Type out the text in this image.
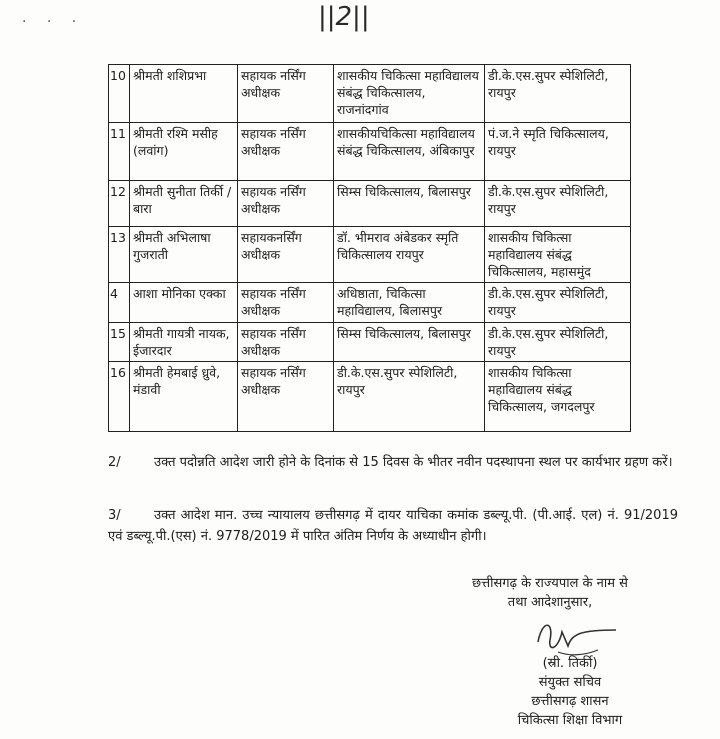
· · ·	||2||
10	श्रीमती शशिप्रभा	सहायक नर्सिंग अधीक्षक	शासकीय चिकित्सा महाविद्यालय संबंद्ध चिकित्सालय, राजनांदगांव	डी.के.एस.सुपर स्पेशिलिटी, रायपुर
11	श्रीमती रश्मि मसीह (लवांग)	सहायक नर्सिंग अधीक्षक	शासकीयचिकित्सा महाविद्यालय संबंद्ध चिकित्सालय, अंबिकापुर	पं.ज.ने स्मृति चिकित्सालय, रायपुर
12	श्रीमती सुनीता तिर्की / बारा	सहायक नर्सिंग अधीक्षक	सिम्स चिकित्सालय, बिलासपुर	डी.के.एस.सुपर स्पेशिलिटी, रायपुर
13	श्रीमती अभिलाषा गुजराती	सहायकनर्सिंग अधीक्षक	डॉ. भीमराव अंबेडकर स्मृति चिकित्सालय रायपुर	शासकीय चिकित्सा महाविद्यालय संबंद्ध चिकित्सालय, महासमुंद
4	आशा मोनिका एक्का	सहायक नर्सिंग अधीक्षक	अधिष्ठाता, चिकित्सा महाविद्यालय, बिलासपुर	डी.के.एस.सुपर स्पेशिलिटी, रायपुर
15	श्रीमती गायत्री नायक, ईजारदार	सहायक नर्सिंग अधीक्षक	सिम्स चिकित्सालय, बिलासपुर	डी.के.एस.सुपर स्पेशिलिटी, रायपुर
16	श्रीमती हेमबाई ध्रुवे, मंडावी	सहायक नर्सिंग अधीक्षक	डी.के.एस.सुपर स्पेशिलिटी, रायपुर	शासकीय चिकित्सा महाविद्यालय संबंद्ध चिकित्सालय, जगदलपुर
2/	उक्त पदोन्नति आदेश जारी होने के दिनांक से 15 दिवस के भीतर नवीन पदस्थापना स्थल पर कार्यभार ग्रहण करें।
3/	उक्त आदेश मान. उच्च न्यायालय छत्तीसगढ़ में दायर याचिका कमांक डब्ल्यू.पी. (पी.आई. एल) नं. 91/2019 एवं डब्ल्यू.पी.(एस) नं. 9778/2019 में पारित अंतिम निर्णय के अध्याधीन होगी।
छत्तीसगढ़ के राज्यपाल के नाम से
तथा आदेशानुसार,
(स्री. तिर्की)
संयुक्त सचिव
छत्तीसगढ़ शासन
चिकित्सा शिक्षा विभाग
